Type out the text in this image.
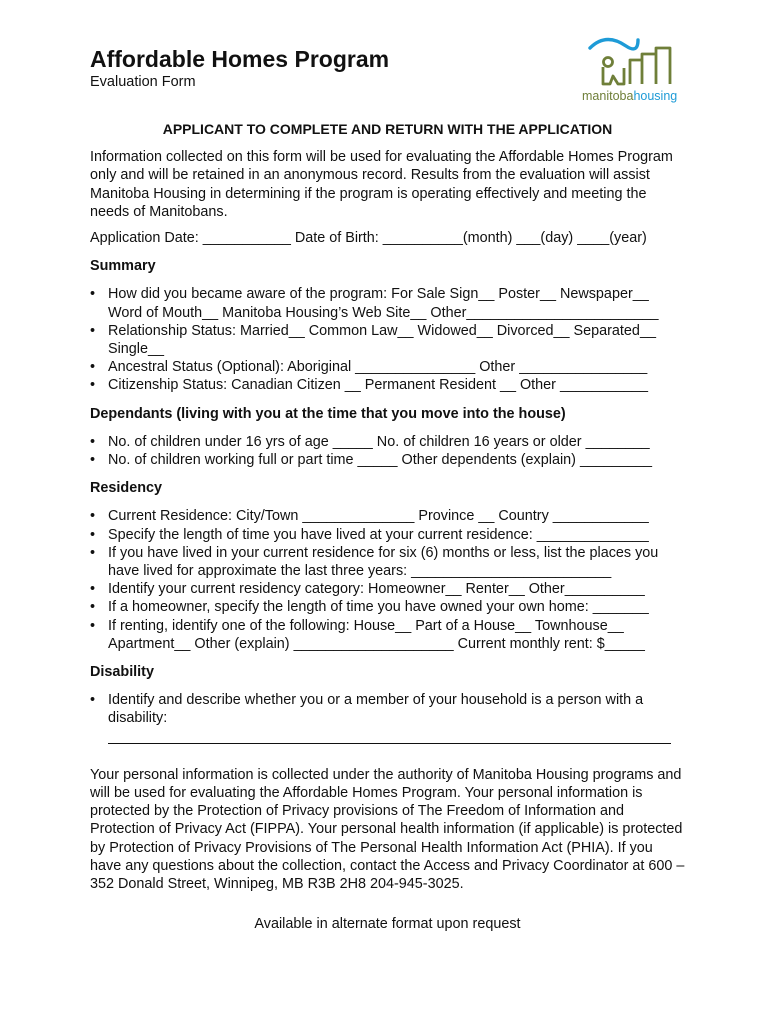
Affordable Homes Program
Evaluation Form
manitobahousing

APPLICANT TO COMPLETE AND RETURN WITH THE APPLICATION

Information collected on this form will be used for evaluating the Affordable Homes Program only and will be retained in an anonymous record. Results from the evaluation will assist Manitoba Housing in determining if the program is operating effectively and meeting the needs of Manitobans.

Application Date: ___________ Date of Birth: __________(month) ___(day) ____(year)

Summary

• How did you became aware of the program: For Sale Sign__ Poster__ Newspaper__ Word of Mouth__ Manitoba Housing’s Web Site__ Other________________________
• Relationship Status: Married__ Common Law__ Widowed__ Divorced__ Separated__ Single__
• Ancestral Status (Optional): Aboriginal _______________ Other ________________
• Citizenship Status: Canadian Citizen __ Permanent Resident __ Other ___________

Dependants (living with you at the time that you move into the house)

• No. of children under 16 yrs of age _____ No. of children 16 years or older ________
• No. of children working full or part time _____ Other dependents (explain) _________

Residency

• Current Residence: City/Town ______________ Province __ Country ____________
• Specify the length of time you have lived at your current residence: ______________
• If you have lived in your current residence for six (6) months or less, list the places you have lived for approximate the last three years: _________________________
• Identify your current residency category: Homeowner__ Renter__ Other__________
• If a homeowner, specify the length of time you have owned your own home: _______
• If renting, identify one of the following: House__ Part of a House__ Townhouse__ Apartment__ Other (explain) ____________________ Current monthly rent: $_____

Disability

• Identify and describe whether you or a member of your household is a person with a disability:

Your personal information is collected under the authority of Manitoba Housing programs and will be used for evaluating the Affordable Homes Program. Your personal information is protected by the Protection of Privacy provisions of The Freedom of Information and Protection of Privacy Act (FIPPA). Your personal health information (if applicable) is protected by Protection of Privacy Provisions of The Personal Health Information Act (PHIA). If you have any questions about the collection, contact the Access and Privacy Coordinator at 600 – 352 Donald Street, Winnipeg, MB R3B 2H8 204-945-3025.

Available in alternate format upon request
